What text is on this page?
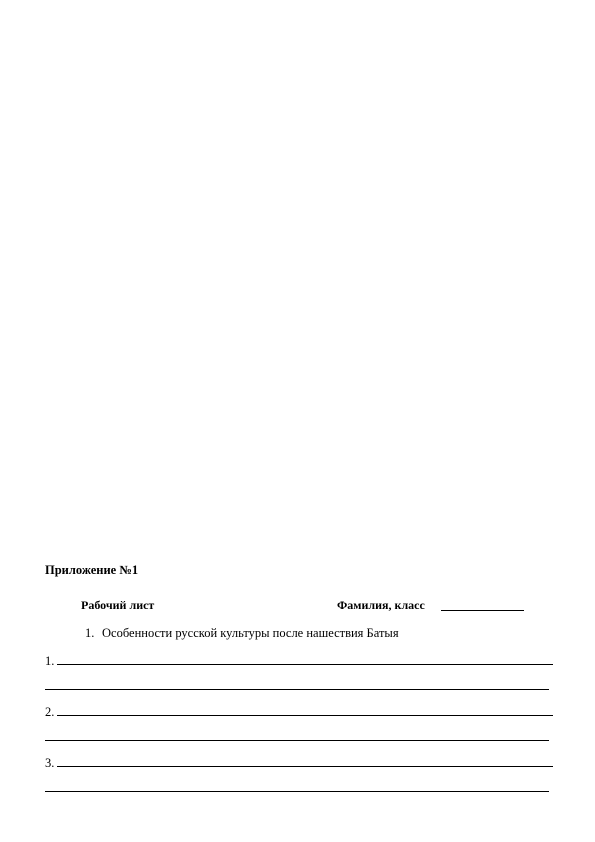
Приложение №1
Рабочий лист	Фамилия, класс
1. Особенности русской культуры после нашествия Батыя
1.
2.
3.
